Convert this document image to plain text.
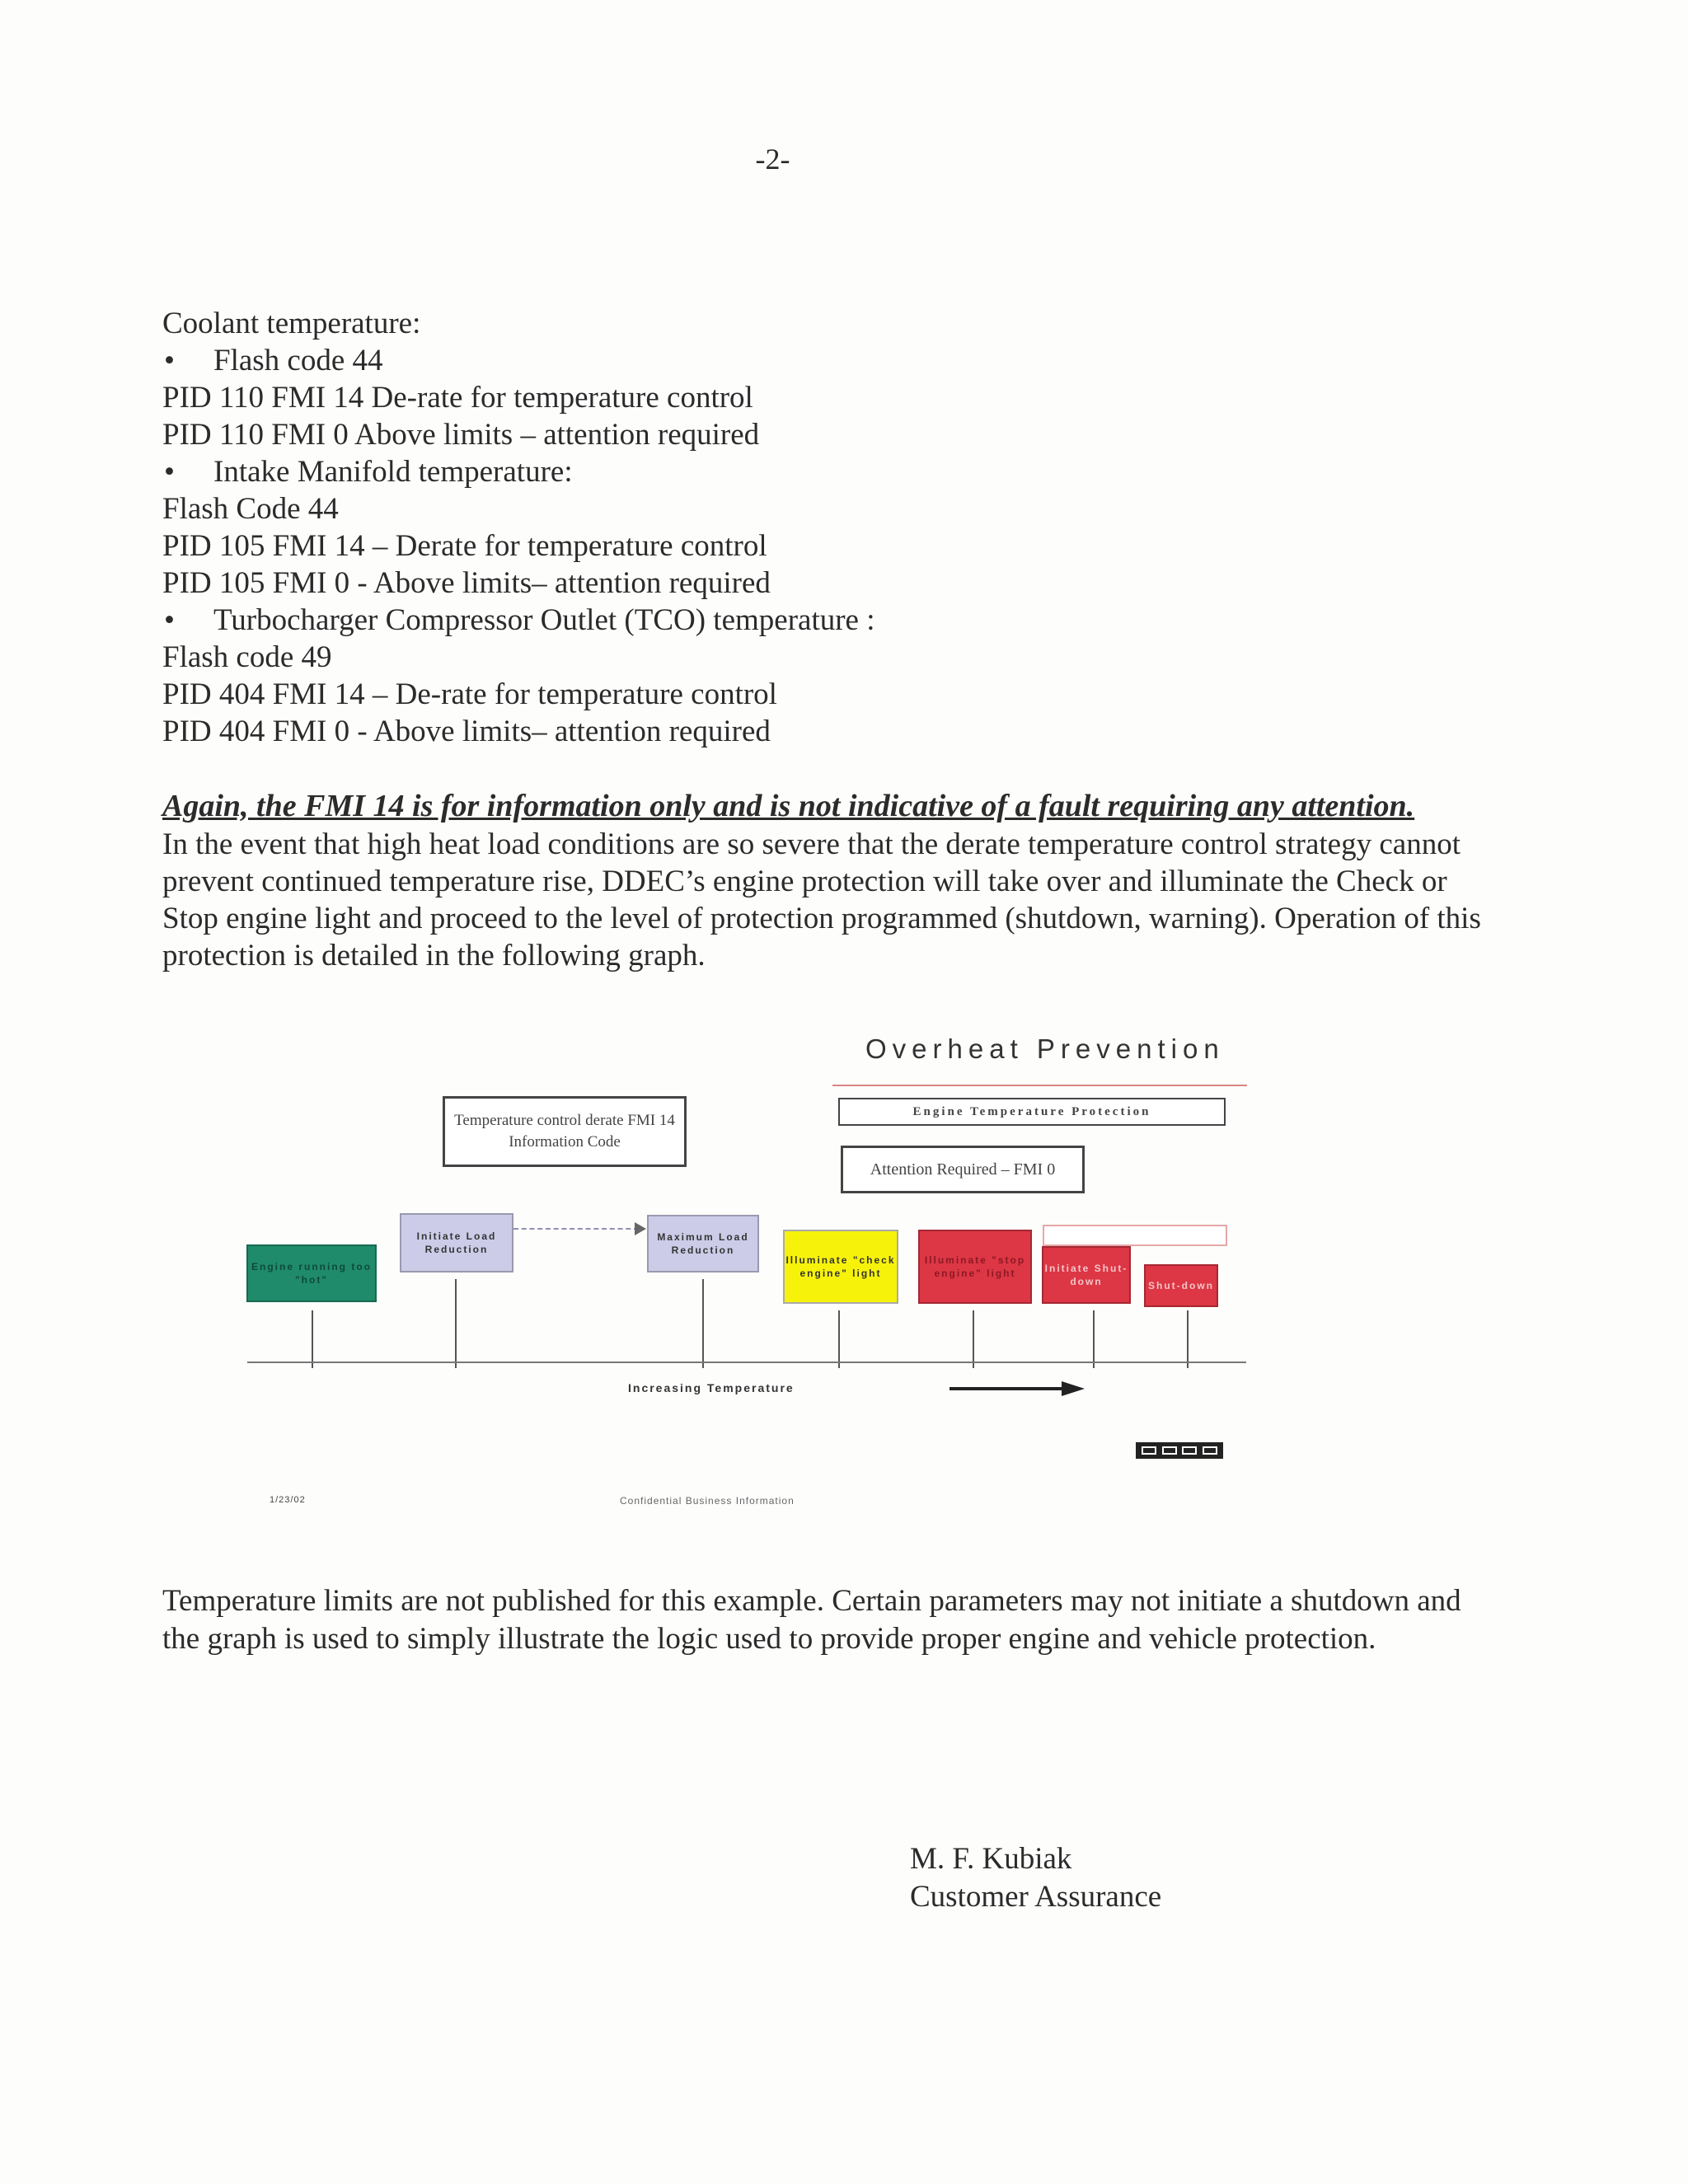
-2-
Coolant temperature:
• Flash code 44
PID 110 FMI 14 De-rate for temperature control
PID 110 FMI 0 Above limits – attention required
• Intake Manifold temperature:
Flash Code 44
PID 105 FMI 14 – Derate for temperature control
PID 105 FMI 0 - Above limits– attention required
• Turbocharger Compressor Outlet (TCO) temperature :
Flash code 49
PID 404 FMI 14 – De-rate for temperature control
PID 404 FMI 0 - Above limits– attention required
Again, the FMI 14 is for information only and is not indicative of a fault requiring any attention.
In the event that high heat load conditions are so severe that the derate temperature control strategy cannot prevent continued temperature rise, DDEC’s engine protection will take over and illuminate the Check or Stop engine light and proceed to the level of protection programmed (shutdown, warning). Operation of this protection is detailed in the following graph.
Overheat Prevention
Temperature control derate FMI 14 Information Code
Engine Temperature Protection
Attention Required – FMI 0
Engine running too "hot"
Initiate Load Reduction
Maximum Load Reduction
Illuminate "check engine" light
Illuminate "stop engine" light	Initiate Shut-down	Shut-down
Increasing Temperature
1/23/02	Confidential Business Information
Temperature limits are not published for this example. Certain parameters may not initiate a shutdown and the graph is used to simply illustrate the logic used to provide proper engine and vehicle protection.
M. F. Kubiak
Customer Assurance
